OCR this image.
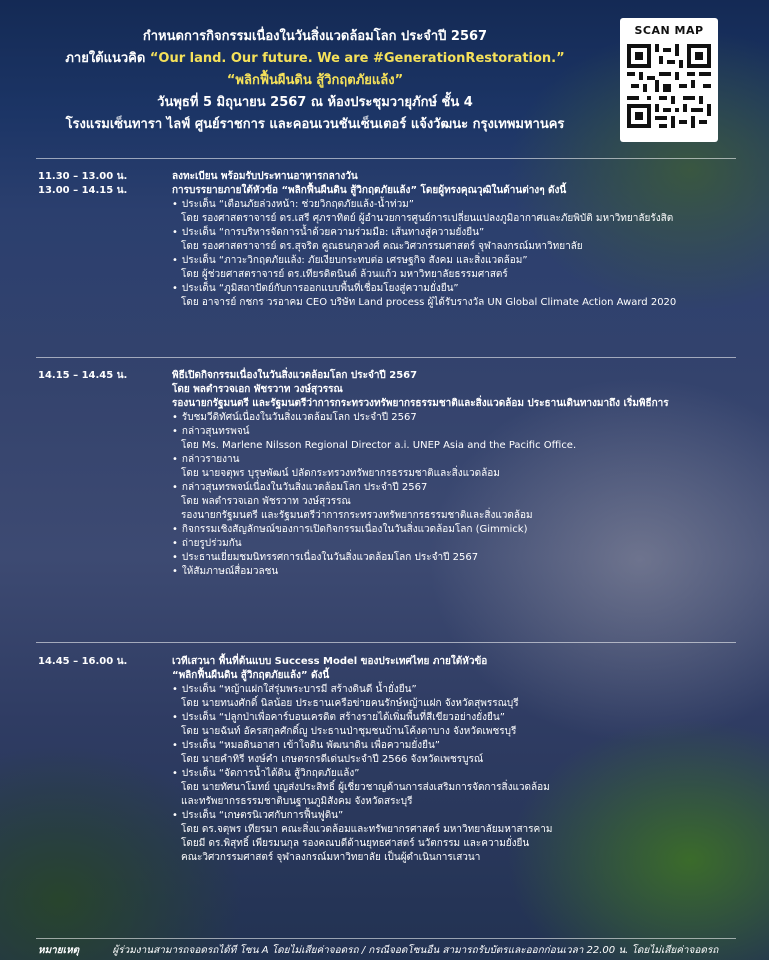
กำหนดการกิจกรรมเนื่องในวันสิ่งแวดล้อมโลก ประจำปี 2567
ภายใต้แนวคิด “Our land. Our future. We are #GenerationRestoration.”
“พลิกฟื้นผืนดิน สู้วิกฤตภัยแล้ง”
วันพุธที่ 5 มิถุนายน 2567 ณ ห้องประชุมวายุภักษ์ ชั้น 4
โรงแรมเซ็นทารา ไลฟ์ ศูนย์ราชการ และคอนเวนชันเซ็นเตอร์ แจ้งวัฒนะ กรุงเทพมหานคร
SCAN MAP
11.30 – 13.00 น.	ลงทะเบียน พร้อมรับประทานอาหารกลางวัน
13.00 – 14.15 น.	การบรรยายภายใต้หัวข้อ “พลิกฟื้นผืนดิน สู้วิกฤตภัยแล้ง” โดยผู้ทรงคุณวุฒิในด้านต่างๆ ดังนี้
• ประเด็น “เตือนภัยล่วงหน้า: ช่วยวิกฤตภัยแล้ง-น้ำท่วม”
โดย รองศาสตราจารย์ ดร.เสรี ศุภราทิตย์ ผู้อำนวยการศูนย์การเปลี่ยนแปลงภูมิอากาศและภัยพิบัติ มหาวิทยาลัยรังสิต
• ประเด็น “การบริหารจัดการน้ำด้วยความร่วมมือ: เส้นทางสู่ความยั่งยืน”
โดย รองศาสตราจารย์ ดร.สุจริต คูณธนกุลวงศ์ คณะวิศวกรรมศาสตร์ จุฬาลงกรณ์มหาวิทยาลัย
• ประเด็น “ภาวะวิกฤตภัยแล้ง: ภัยเงียบกระทบต่อ เศรษฐกิจ สังคม และสิ่งแวดล้อม”
โดย ผู้ช่วยศาสตราจารย์ ดร.เทียรดิตนินต์ ล้วนแก้ว มหาวิทยาลัยธรรมศาสตร์
• ประเด็น “ภูมิสถาปัตย์กับการออกแบบพื้นที่เชื่อมโยงสู่ความยั่งยืน”
โดย อาจารย์ กชกร วรอาคม CEO บริษัท Land process ผู้ได้รับรางวัล UN Global Climate Action Award 2020
14.15 – 14.45 น.	พิธีเปิดกิจกรรมเนื่องในวันสิ่งแวดล้อมโลก ประจำปี 2567
โดย พลตำรวจเอก พัชรวาท วงษ์สุวรรณ
รองนายกรัฐมนตรี และรัฐมนตรีว่าการกระทรวงทรัพยากรธรรมชาติและสิ่งแวดล้อม ประธานเดินทางมาถึง เริ่มพิธีการ
• รับชมวีดิทัศน์เนื่องในวันสิ่งแวดล้อมโลก ประจำปี 2567
• กล่าวสุนทรพจน์
โดย Ms. Marlene Nilsson Regional Director a.i. UNEP Asia and the Pacific Office.
• กล่าวรายงาน
โดย นายจตุพร บุรุษพัฒน์ ปลัดกระทรวงทรัพยากรธรรมชาติและสิ่งแวดล้อม
• กล่าวสุนทรพจน์เนื่องในวันสิ่งแวดล้อมโลก ประจำปี 2567
โดย พลตำรวจเอก พัชรวาท วงษ์สุวรรณ
รองนายกรัฐมนตรี และรัฐมนตรีว่าการกระทรวงทรัพยากรธรรมชาติและสิ่งแวดล้อม
• กิจกรรมเชิงสัญลักษณ์ของการเปิดกิจกรรมเนื่องในวันสิ่งแวดล้อมโลก (Gimmick)
• ถ่ายรูปร่วมกัน
• ประธานเยี่ยมชมนิทรรศการเนื่องในวันสิ่งแวดล้อมโลก ประจำปี 2567
• ให้สัมภาษณ์สื่อมวลชน
14.45 – 16.00 น.	เวทีเสวนา พื้นที่ต้นแบบ Success Model ของประเทศไทย ภายใต้หัวข้อ
“พลิกฟื้นผืนดิน สู้วิกฤตภัยแล้ง” ดังนี้
• ประเด็น “หญ้าแฝกใส่รุ่มพระบารมี สร้างดินดี น้ำยั่งยืน”
โดย นายทนงศักดิ์ นิลน้อย ประธานเครือข่ายคนรักษ์หญ้าแฝก จังหวัดสุพรรณบุรี
• ประเด็น “ปลูกป่าเพื่อคาร์บอนเครดิต สร้างรายได้เพิ่มพื้นที่สีเขียวอย่างยั่งยืน”
โดย นายฉันท์ อัครสกุลศักดิ์ญู ประธานป่าชุมชนบ้านโค้งตาบาง จังหวัดเพชรบุรี
• ประเด็น “หมอดินอาสา เข้าใจดิน พัฒนาดิน เพื่อความยั่งยืน”
โดย นายคำทิรี หงษ์คำ เกษตรกรดีเด่นประจำปี 2566 จังหวัดเพชรบูรณ์
• ประเด็น “จัดการน้ำได้ดิน สู้วิกฤตภัยแล้ง”
โดย นายทัศนาโมทย์ บุญส่งประสิทธิ์ ผู้เชี่ยวชาญด้านการส่งเสริมการจัดการสิ่งแวดล้อม
และทรัพยากรธรรมชาติบนฐานภูมิสังคม จังหวัดสระบุรี
• ประเด็น “เกษตรนิเวศกับการฟื้นฟูดิน”
โดย ดร.จตุพร เทียรมา คณะสิ่งแวดล้อมและทรัพยากรศาสตร์ มหาวิทยาลัยมหาสารคาม
โดยมี ดร.พิสุทธิ์ เพียรมนกุล รองคณบดีด้านยุทธศาสตร์ นวัตกรรม และความยั่งยืน
คณะวิศวกรรมศาสตร์ จุฬาลงกรณ์มหาวิทยาลัย เป็นผู้ดำเนินการเสวนา
หมายเหตุ	ผู้ร่วมงานสามารถจอดรถได้ที่ โซน A โดยไม่เสียค่าจอดรถ / กรณีจอดโซนอื่น สามารถรับบัตรและออกก่อนเวลา 22.00 น. โดยไม่เสียค่าจอดรถ
